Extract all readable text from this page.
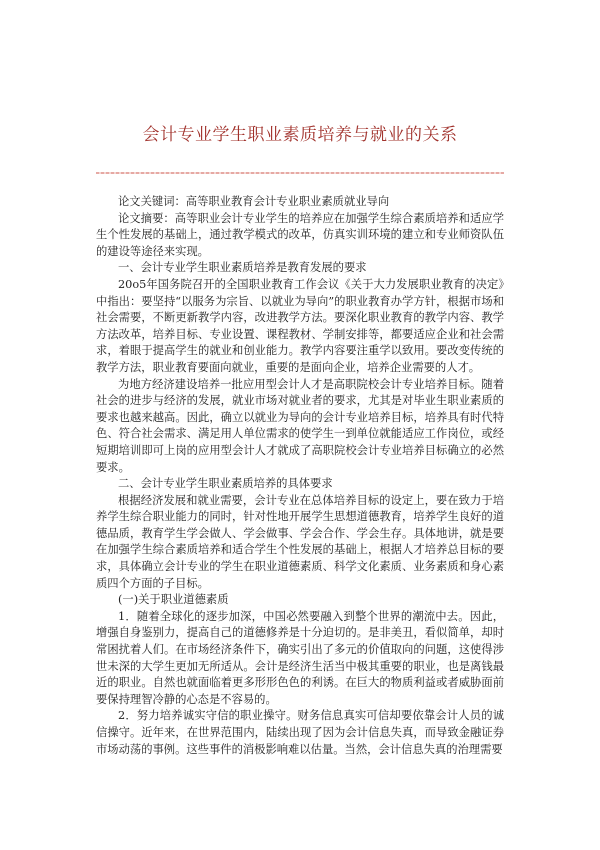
会计专业学生职业素质培养与就业的关系

论文关键词：高等职业教育会计专业职业素质就业导向

论文摘要：高等职业会计专业学生的培养应在加强学生综合素质培养和适应学生个性发展的基础上，通过教学模式的改革，仿真实训环境的建立和专业师资队伍的建设等途径来实现。

一、会计专业学生职业素质培养是教育发展的要求

20o5年国务院召开的全国职业教育工作会议《关于大力发展职业教育的决定》中指出：要坚持“以服务为宗旨、以就业为导向”的职业教育办学方针，根据市场和社会需要，不断更新教学内容，改进教学方法。要深化职业教育的教学内容、教学方法改革，培养目标、专业设置、课程教材、学制安排等，都要适应企业和社会需求，着眼于提高学生的就业和创业能力。教学内容要注重学以致用。要改变传统的教学方法，职业教育要面向就业，重要的是面向企业，培养企业需要的人才。

为地方经济建设培养一批应用型会计人才是高职院校会计专业培养目标。随着社会的进步与经济的发展，就业市场对就业者的要求，尤其是对毕业生职业素质的要求也越来越高。因此，确立以就业为导向的会计专业培养目标，培养具有时代特色、符合社会需求、满足用人单位需求的使学生一到单位就能适应工作岗位，或经短期培训即可上岗的应用型会计人才就成了高职院校会计专业培养目标确立的必然要求。

二、会计专业学生职业素质培养的具体要求

根据经济发展和就业需要，会计专业在总体培养目标的设定上，要在致力于培养学生综合职业能力的同时，针对性地开展学生思想道德教育，培养学生良好的道德品质，教育学生学会做人、学会做事、学会合作、学会生存。具体地讲，就是要在加强学生综合素质培养和适合学生个性发展的基础上，根据人才培养总目标的要求，具体确立会计专业的学生在职业道德素质、科学文化素质、业务素质和身心素质四个方面的子目标。

(一)关于职业道德素质

1．随着全球化的逐步加深，中国必然要融入到整个世界的潮流中去。因此，增强自身鉴别力，提高自己的道德修养是十分迫切的。是非美丑，看似简单，却时常困扰着人们。在市场经济条件下，确实引出了多元的价值取向的问题，这使得涉世未深的大学生更加无所适从。会计是经济生活当中极其重要的职业，也是离钱最近的职业。自然也就面临着更多形形色色的利诱。在巨大的物质利益或者威胁面前要保持理智冷静的心态是不容易的。

2．努力培养诚实守信的职业操守。财务信息真实可信却要依靠会计人员的诚信操守。近年来，在世界范围内，陆续出现了因为会计信息失真，而导致金融证券市场动荡的事例。这些事件的消极影响难以估量。当然，会计信息失真的治理需要
